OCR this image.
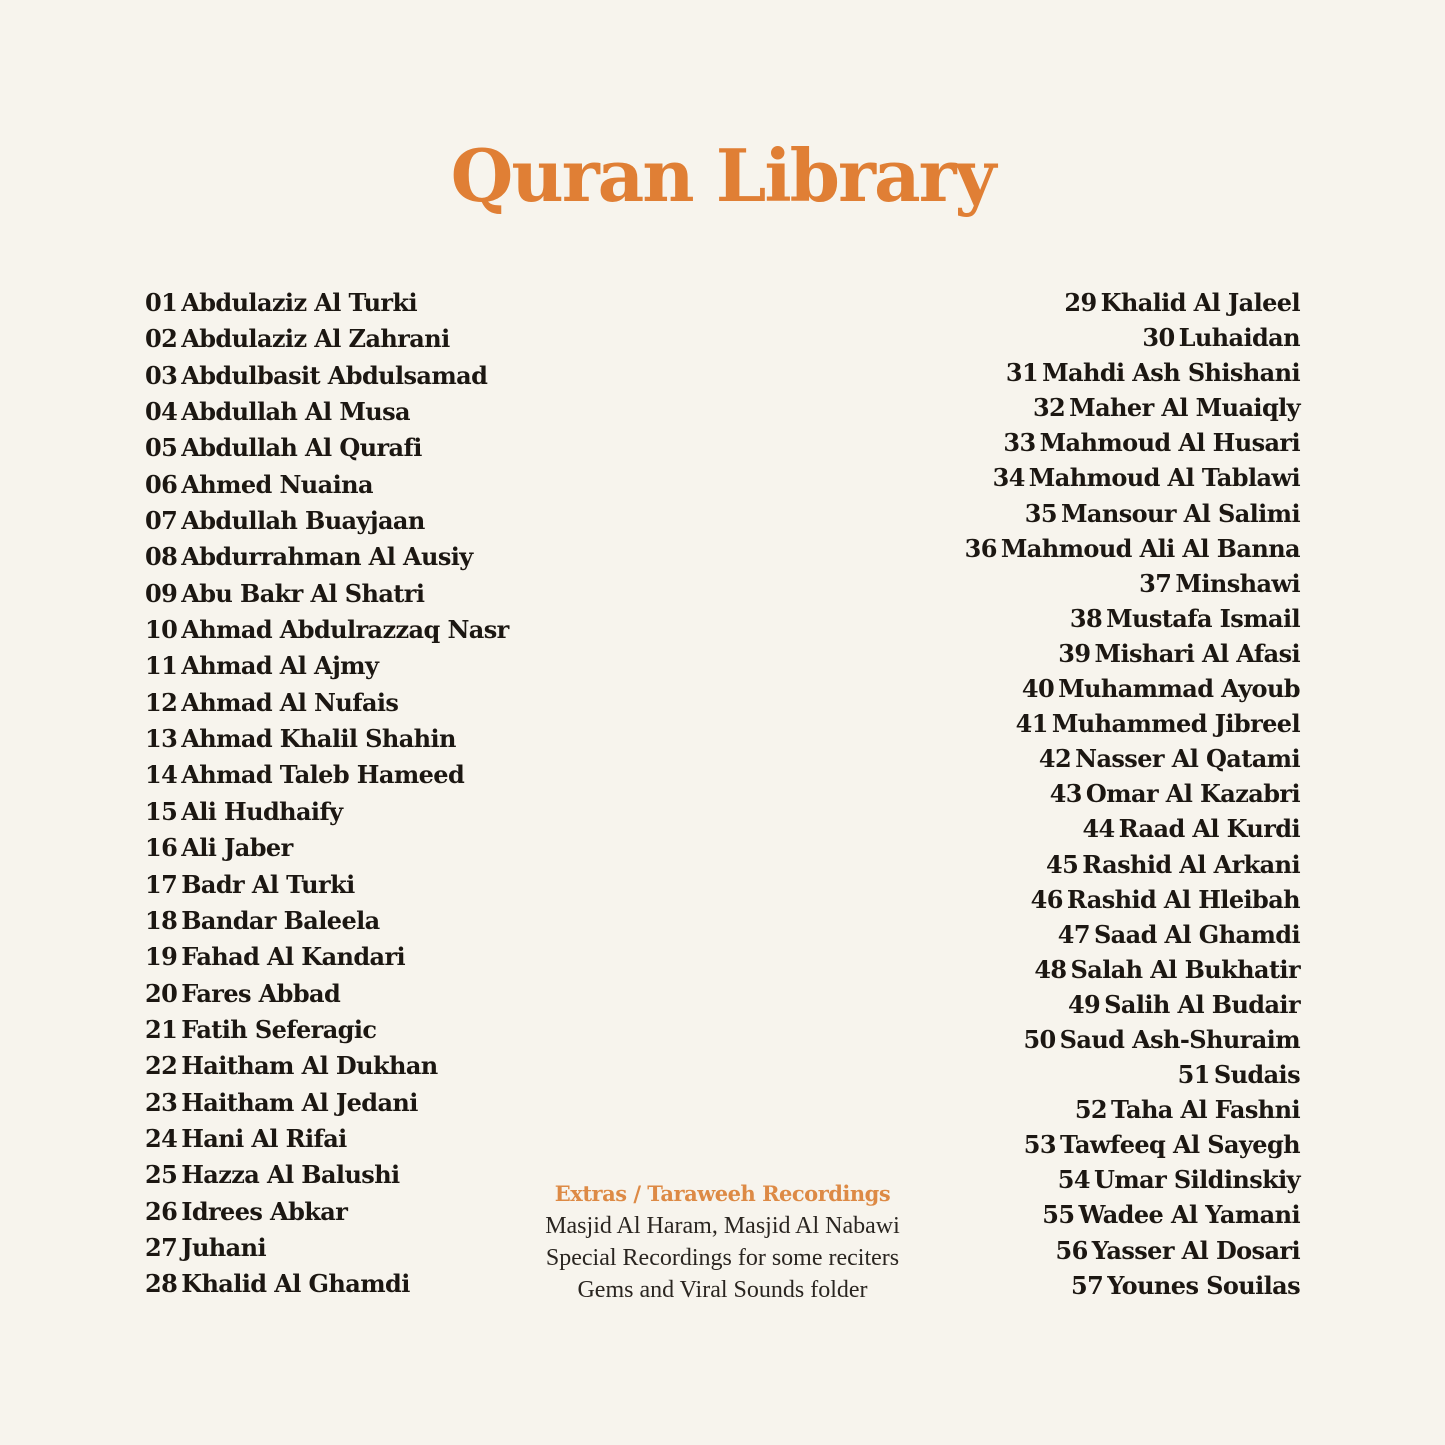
Quran Library
01 Abdulaziz Al Turki
02 Abdulaziz Al Zahrani
03 Abdulbasit Abdulsamad
04 Abdullah Al Musa
05 Abdullah Al Qurafi
06 Ahmed Nuaina
07 Abdullah Buayjaan
08 Abdurrahman Al Ausiy
09 Abu Bakr Al Shatri
10 Ahmad Abdulrazzaq Nasr
11 Ahmad Al Ajmy
12 Ahmad Al Nufais
13 Ahmad Khalil Shahin
14 Ahmad Taleb Hameed
15 Ali Hudhaify
16 Ali Jaber
17 Badr Al Turki
18 Bandar Baleela
19 Fahad Al Kandari
20 Fares Abbad
21 Fatih Seferagic
22 Haitham Al Dukhan
23 Haitham Al Jedani
24 Hani Al Rifai
25 Hazza Al Balushi
26 Idrees Abkar
27 Juhani
28 Khalid Al Ghamdi
29 Khalid Al Jaleel
30 Luhaidan
31 Mahdi Ash Shishani
32 Maher Al Muaiqly
33 Mahmoud Al Husari
34 Mahmoud Al Tablawi
35 Mansour Al Salimi
36 Mahmoud Ali Al Banna
37 Minshawi
38 Mustafa Ismail
39 Mishari Al Afasi
40 Muhammad Ayoub
41 Muhammed Jibreel
42 Nasser Al Qatami
43 Omar Al Kazabri
44 Raad Al Kurdi
45 Rashid Al Arkani
46 Rashid Al Hleibah
47 Saad Al Ghamdi
48 Salah Al Bukhatir
49 Salih Al Budair
50 Saud Ash-Shuraim
51 Sudais
52 Taha Al Fashni
53 Tawfeeq Al Sayegh
54 Umar Sildinskiy
55 Wadee Al Yamani
56 Yasser Al Dosari
57 Younes Souilas
Extras / Taraweeh Recordings
Masjid Al Haram, Masjid Al Nabawi
Special Recordings for some reciters
Gems and Viral Sounds folder
